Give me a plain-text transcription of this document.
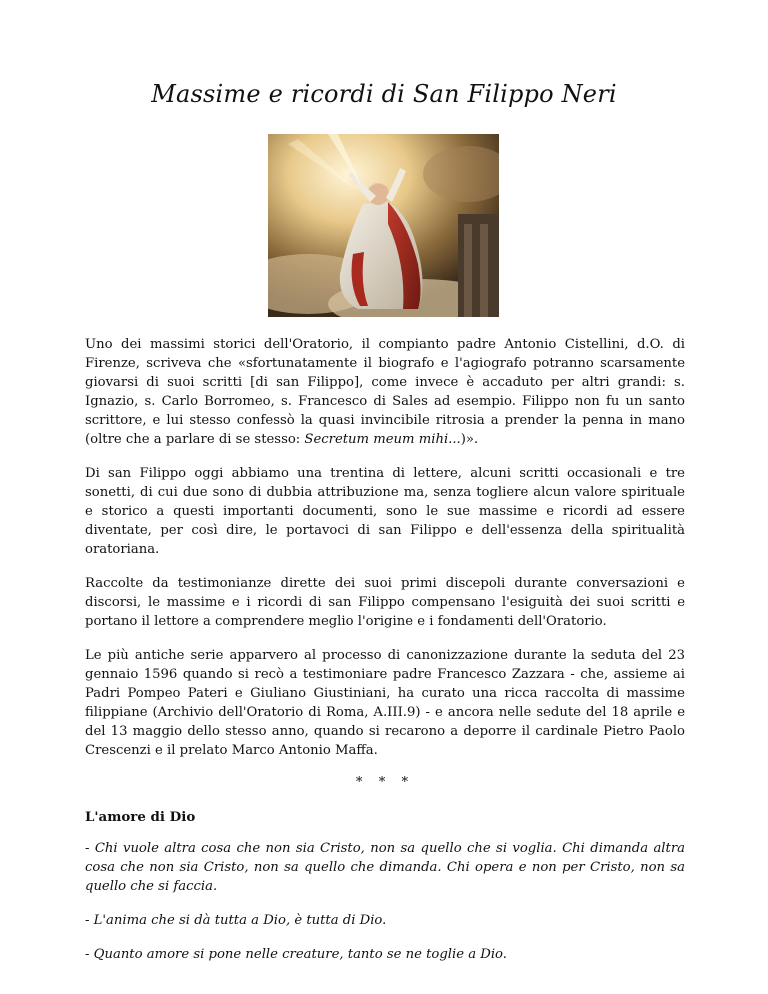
Massime e ricordi di San Filippo Neri

Uno dei massimi storici dell'Oratorio, il compianto padre Antonio Cistellini, d.O. di Firenze, scriveva che «sfortunatamente il biografo e l'agiografo potranno scarsamente giovarsi di suoi scritti [di san Filippo], come invece è accaduto per altri grandi: s. Ignazio, s. Carlo Borromeo, s. Francesco di Sales ad esempio. Filippo non fu un santo scrittore, e lui stesso confessò la quasi invincibile ritrosia a prender la penna in mano (oltre che a parlare di se stesso: Secretum meum mihi...)».

Di san Filippo oggi abbiamo una trentina di lettere, alcuni scritti occasionali e tre sonetti, di cui due sono di dubbia attribuzione ma, senza togliere alcun valore spirituale e storico a questi importanti documenti, sono le sue massime e ricordi ad essere diventate, per così dire, le portavoci di san Filippo e dell'essenza della spiritualità oratoriana.

Raccolte da testimonianze dirette dei suoi primi discepoli durante conversazioni e discorsi, le massime e i ricordi di san Filippo compensano l'esiguità dei suoi scritti e portano il lettore a comprendere meglio l'origine e i fondamenti dell'Oratorio.

Le più antiche serie apparvero al processo di canonizzazione durante la seduta del 23 gennaio 1596 quando si recò a testimoniare padre Francesco Zazzara - che, assieme ai Padri Pompeo Pateri e Giuliano Giustiniani, ha curato una ricca raccolta di massime filippiane (Archivio dell'Oratorio di Roma, A.III.9) - e ancora nelle sedute del 18 aprile e del 13 maggio dello stesso anno, quando si recarono a deporre il cardinale Pietro Paolo Crescenzi e il prelato Marco Antonio Maffa.

* * *
L'amore di Dio

- Chi vuole altra cosa che non sia Cristo, non sa quello che si voglia. Chi dimanda altra cosa che non sia Cristo, non sa quello che dimanda. Chi opera e non per Cristo, non sa quello che si faccia.

- L'anima che si dà tutta a Dio, è tutta di Dio.

- Quanto amore si pone nelle creature, tanto se ne toglie a Dio.
